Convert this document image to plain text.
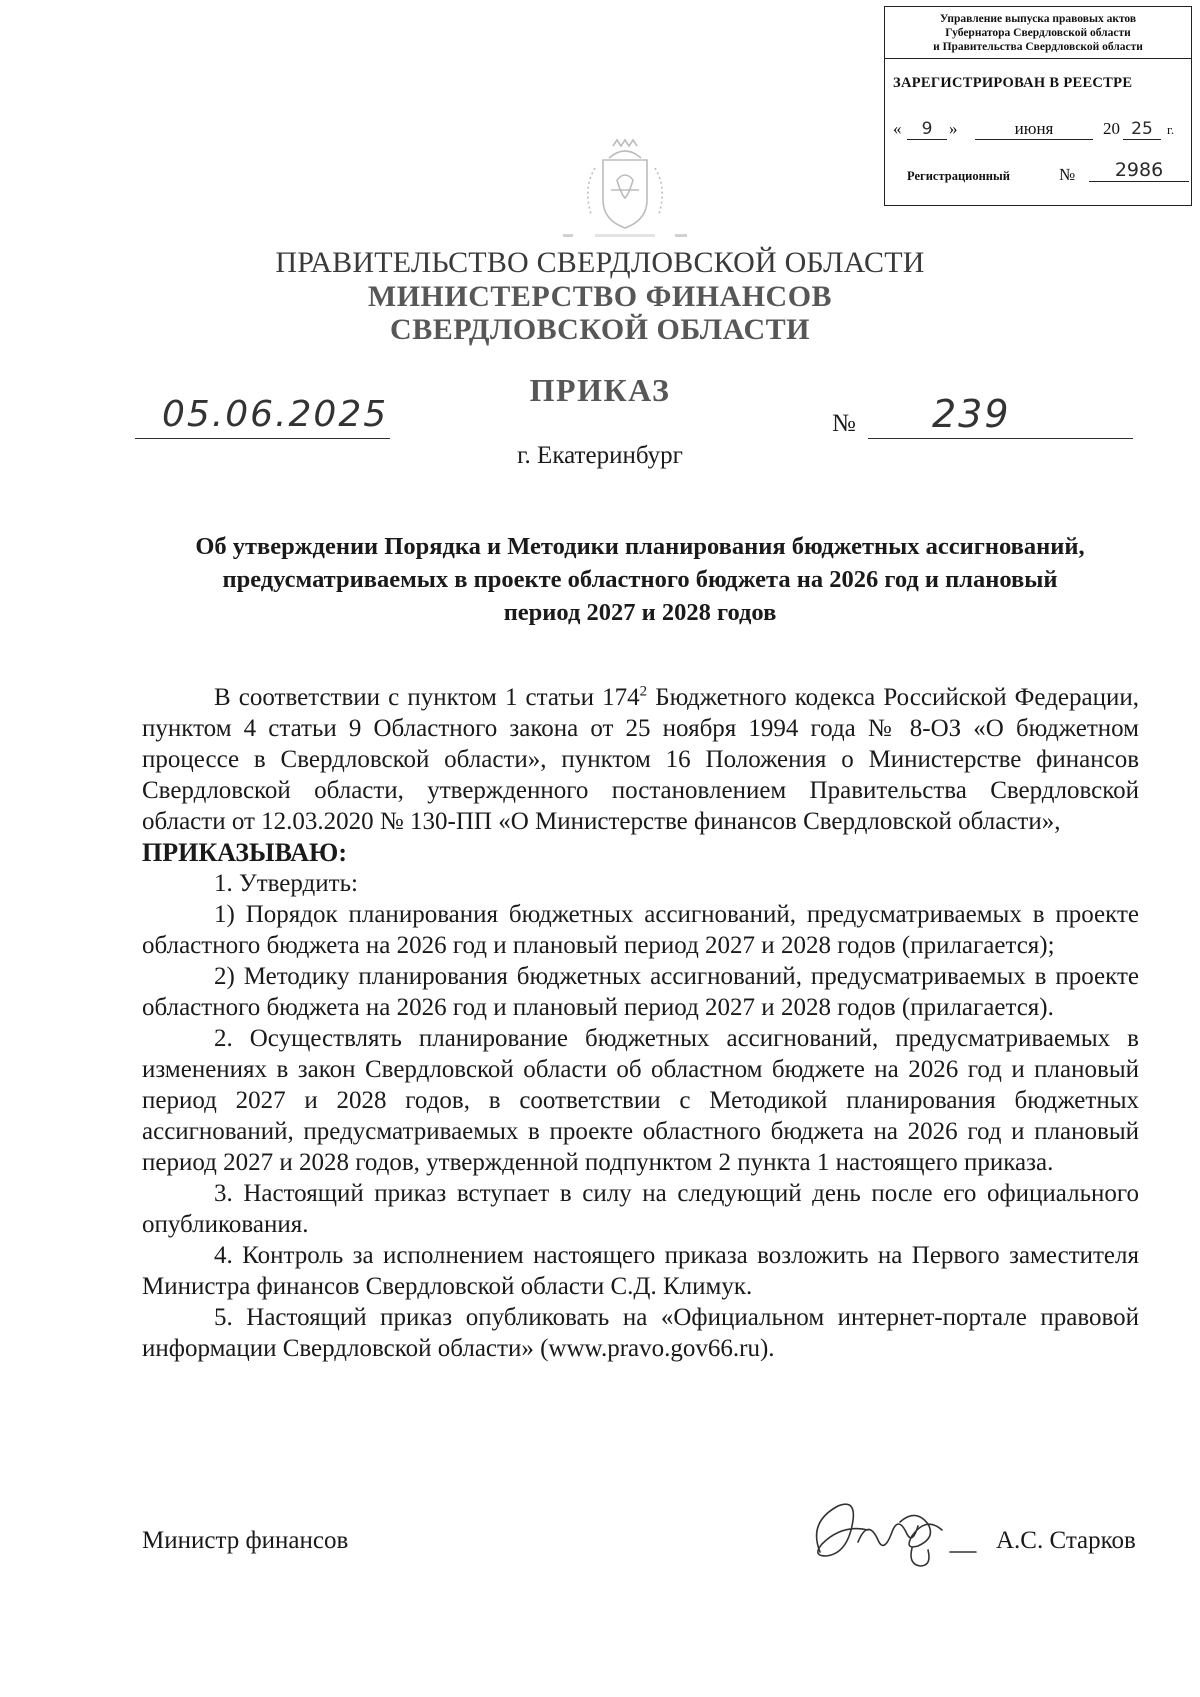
Управление выпуска правовых актов
Губернатора Свердловской области
и Правительства Свердловской области
ЗАРЕГИСТРИРОВАН В РЕЕСТРЕ
«	9 »	июня	20 25	г.
Регистрационный	№	2986
ПРАВИТЕЛЬСТВО СВЕРДЛОВСКОЙ ОБЛАСТИ
МИНИСТЕРСТВО ФИНАНСОВ
СВЕРДЛОВСКОЙ ОБЛАСТИ
ПРИКАЗ
05.06.2025	№ 239
г. Екатеринбург
Об утверждении Порядка и Методики планирования бюджетных ассигнований,
предусматриваемых в проекте областного бюджета на 2026 год и плановый
период 2027 и 2028 годов
В соответствии с пунктом 1 статьи $174^2$ Бюджетного кодекса Российской Федерации, пунктом 4 статьи 9 Областного закона от 25 ноября 1994 года № 8-ОЗ «О бюджетном процессе в Свердловской области», пунктом 16 Положения о Министерстве финансов Свердловской области, утвержденного постановлением Правительства Свердловской области от 12.03.2020 № 130-ПП «О Министерстве финансов Свердловской области»,
ПРИКАЗЫВАЮ:
1. Утвердить:
1) Порядок планирования бюджетных ассигнований, предусматриваемых в проекте областного бюджета на 2026 год и плановый период 2027 и 2028 годов (прилагается);
2) Методику планирования бюджетных ассигнований, предусматриваемых в проекте областного бюджета на 2026 год и плановый период 2027 и 2028 годов (прилагается).
2. Осуществлять планирование бюджетных ассигнований, предусматриваемых в изменениях в закон Свердловской области об областном бюджете на 2026 год и плановый период 2027 и 2028 годов, в соответствии с Методикой планирования бюджетных ассигнований, предусматриваемых в проекте областного бюджета на 2026 год и плановый период 2027 и 2028 годов, утвержденной подпунктом 2 пункта 1 настоящего приказа.
3. Настоящий приказ вступает в силу на следующий день после его официального опубликования.
4. Контроль за исполнением настоящего приказа возложить на Первого заместителя Министра финансов Свердловской области С.Д. Климук.
5. Настоящий приказ опубликовать на «Официальном интернет-портале правовой информации Свердловской области» (www.pravo.gov66.ru).
Министр финансов	А.С. Старков
